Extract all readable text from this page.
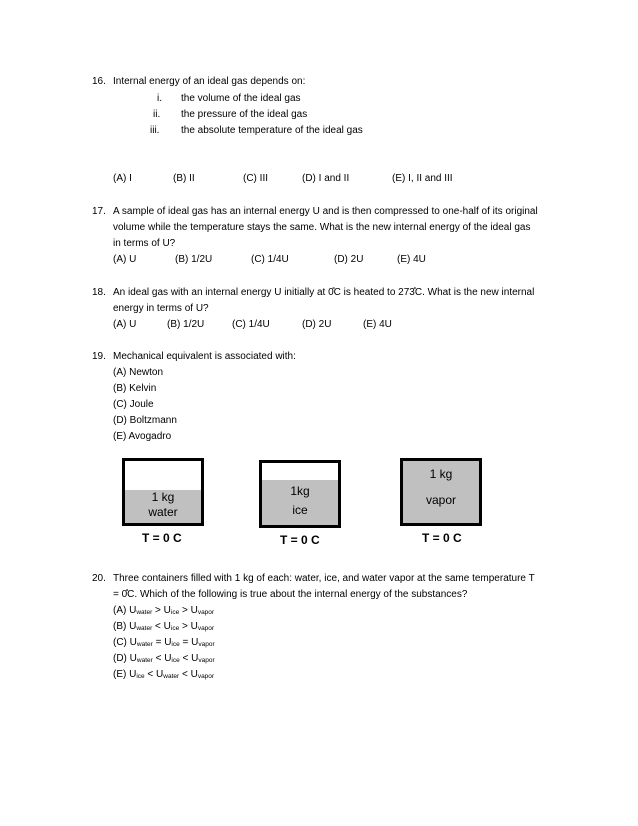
16. Internal energy of an ideal gas depends on:
i. the volume of the ideal gas
ii. the pressure of the ideal gas
iii. the absolute temperature of the ideal gas
(A) I	(B) II	(C) III	(D) I and II	(E) I, II and III
17. A sample of ideal gas has an internal energy U and is then compressed to one-half of its original
volume while the temperature stays the same. What is the new internal energy of the ideal gas
in terms of U?
(A) U	(B) 1/2U	(C) 1/4U	(D) 2U	(E) 4U
18. An ideal gas with an internal energy U initially at 0̊C is heated to 273̊C. What is the new internal
energy in terms of U?
(A) U	(B) 1/2U	(C) 1/4U	(D) 2U	(E) 4U
19. Mechanical equivalent is associated with:
(A) Newton
(B) Kelvin
(C) Joule
(D) Boltzmann
(E) Avogadro
1 kg
water
T = 0 C
1kg
ice
T = 0 C
1 kg
vapor
T = 0 C
20. Three containers filled with 1 kg of each: water, ice, and water vapor at the same temperature T
= 0̊C. Which of the following is true about the internal energy of the substances?
(A) $U_{water} > U_{ice} > U_{vapor}$
(B) $U_{water} < U_{ice} > U_{vapor}$
(C) $U_{water} = U_{ice} = U_{vapor}$
(D) $U_{water} < U_{ice} < U_{vapor}$
(E) $U_{ice} < U_{water} < U_{vapor}$
